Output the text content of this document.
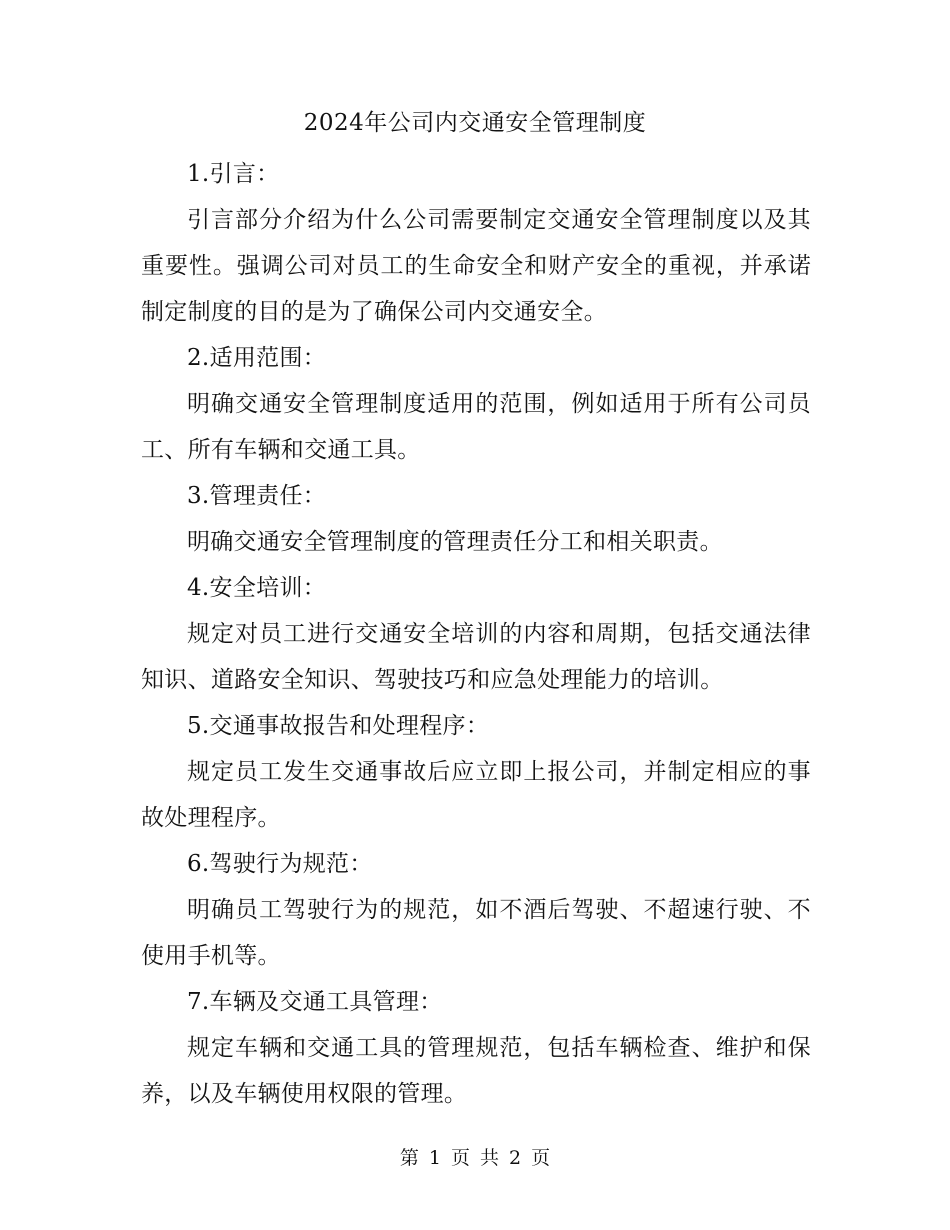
2024年公司内交通安全管理制度

1.引言：

引言部分介绍为什么公司需要制定交通安全管理制度以及其重要性。强调公司对员工的生命安全和财产安全的重视，并承诺制定制度的目的是为了确保公司内交通安全。

2.适用范围：

明确交通安全管理制度适用的范围，例如适用于所有公司员工、所有车辆和交通工具。

3.管理责任：

明确交通安全管理制度的管理责任分工和相关职责。

4.安全培训：

规定对员工进行交通安全培训的内容和周期，包括交通法律知识、道路安全知识、驾驶技巧和应急处理能力的培训。

5.交通事故报告和处理程序：

规定员工发生交通事故后应立即上报公司，并制定相应的事故处理程序。

6.驾驶行为规范：

明确员工驾驶行为的规范，如不酒后驾驶、不超速行驶、不使用手机等。

7.车辆及交通工具管理：

规定车辆和交通工具的管理规范，包括车辆检查、维护和保养，以及车辆使用权限的管理。

第 1 页 共 2 页
